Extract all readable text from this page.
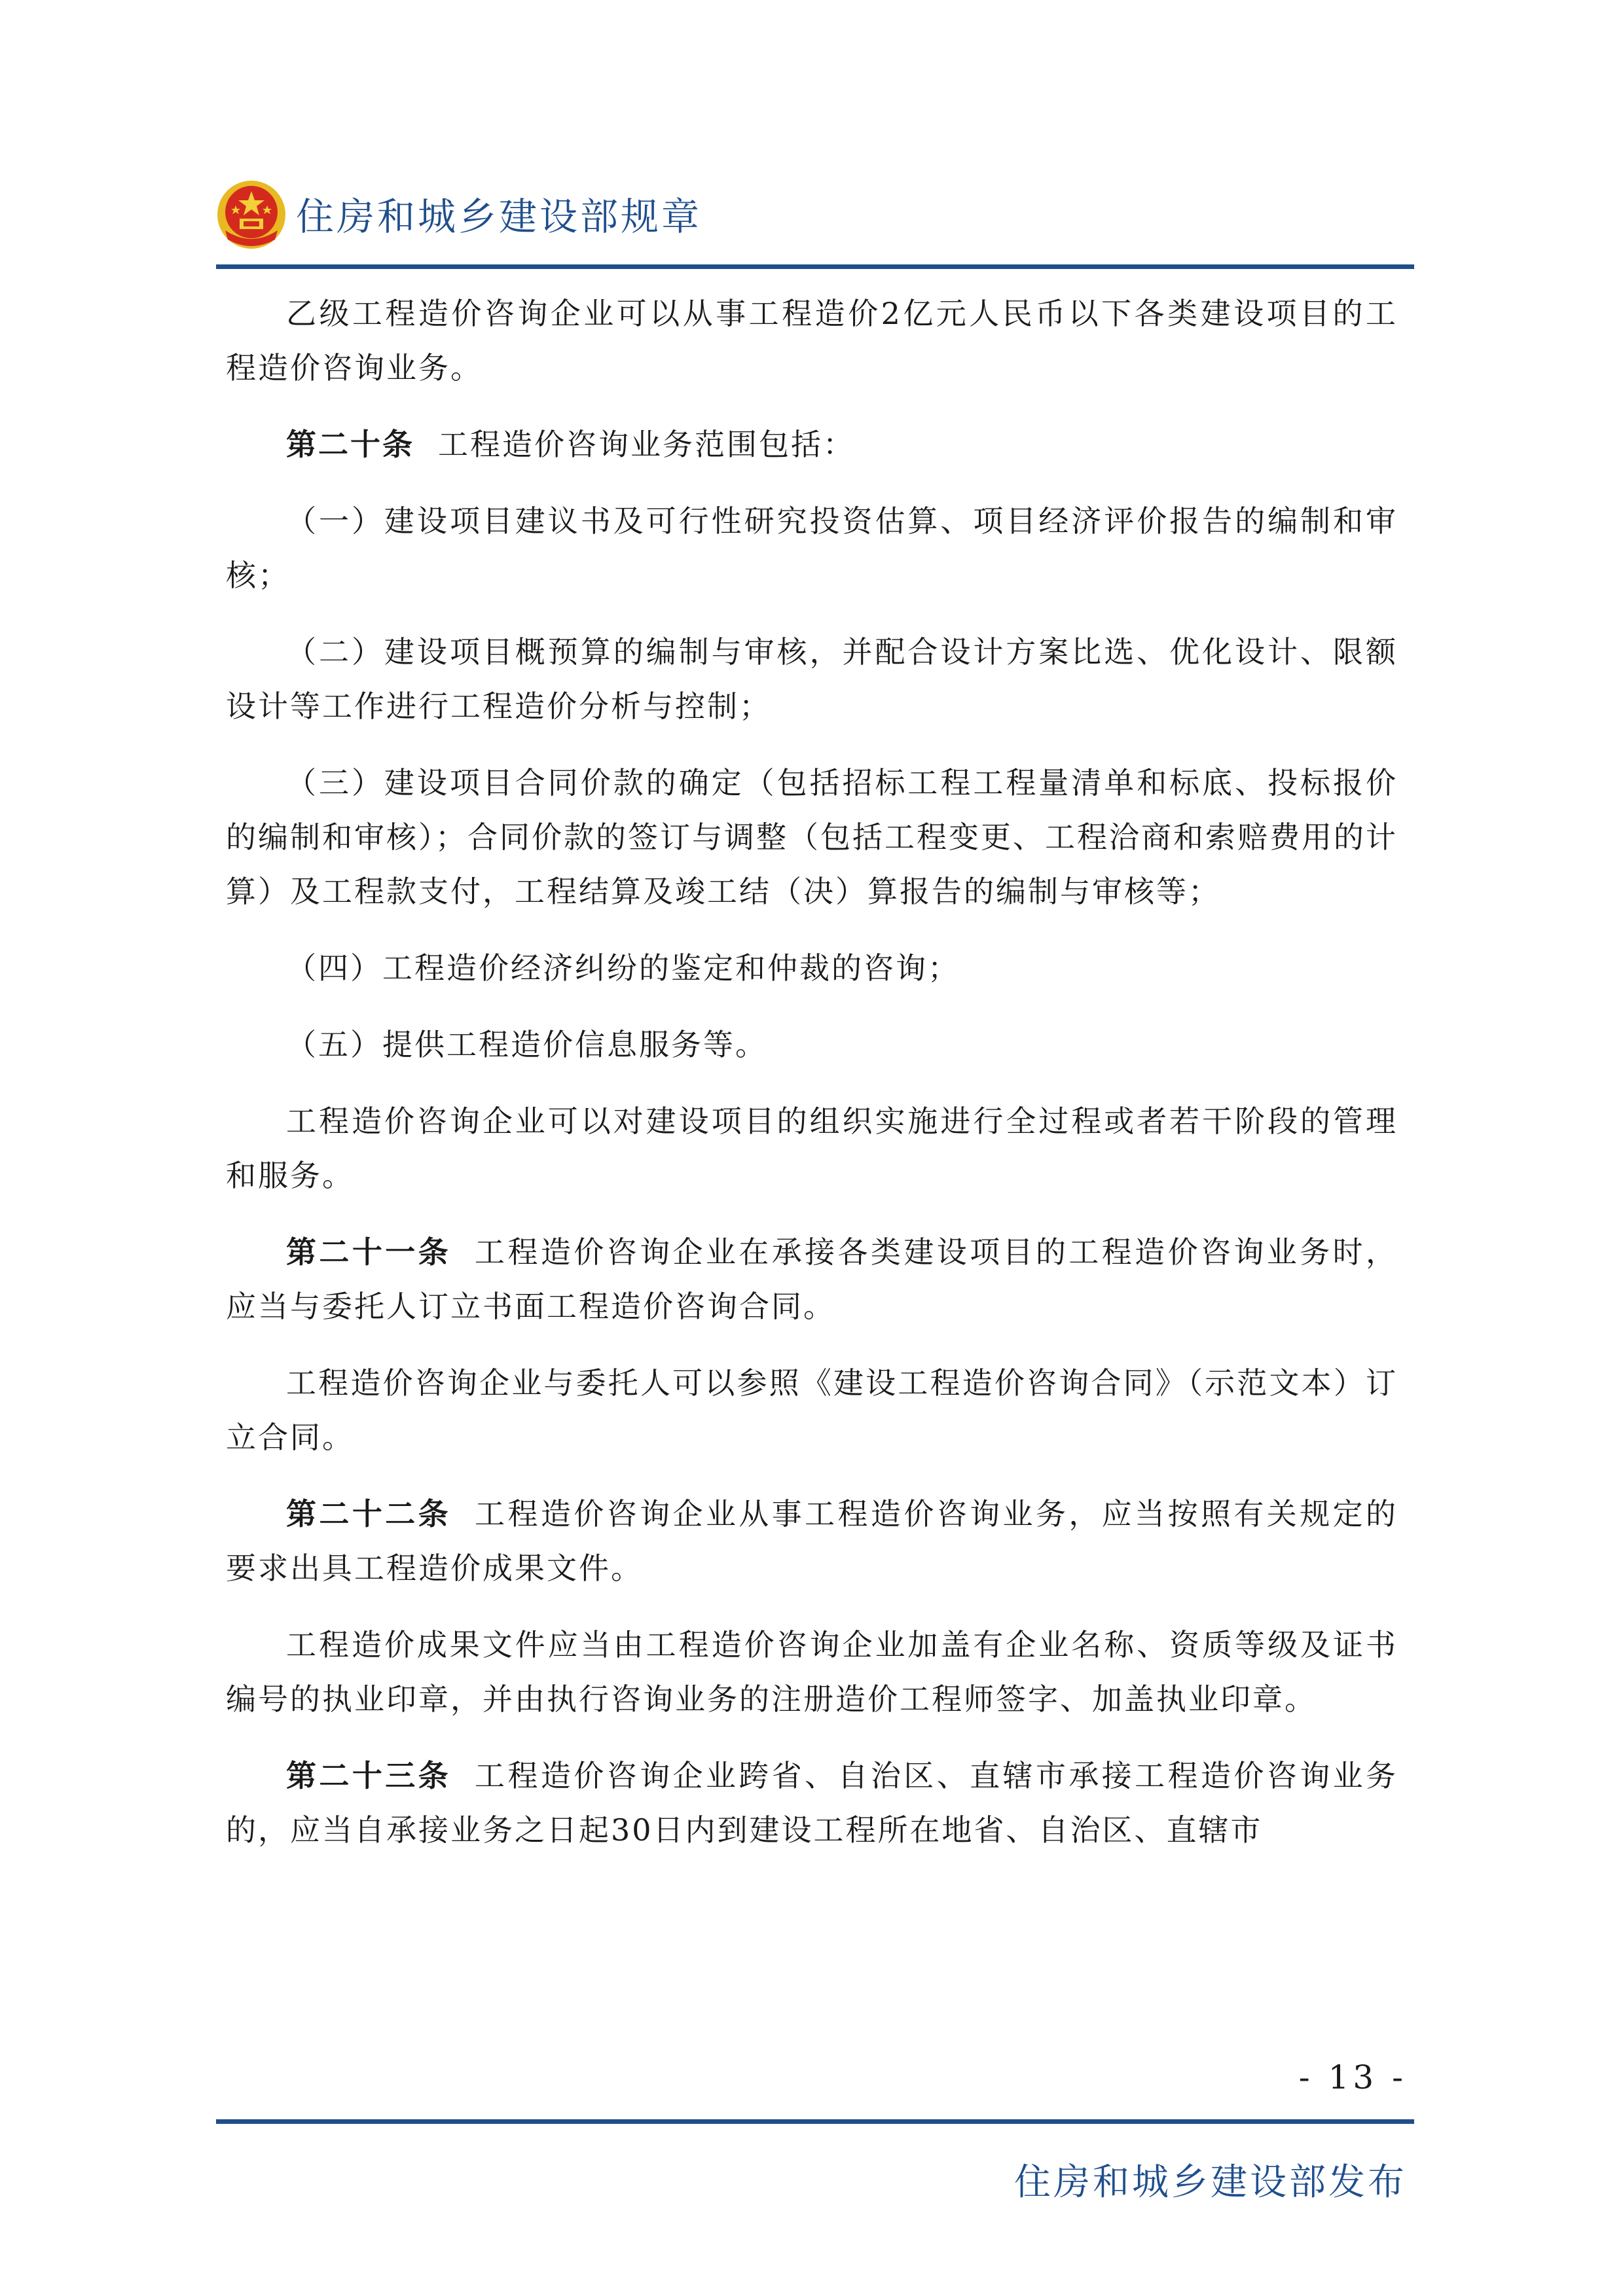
住房和城乡建设部规章

乙级工程造价咨询企业可以从事工程造价2亿元人民币以下各类建设项目的工程造价咨询业务。

第二十条 工程造价咨询业务范围包括：

（一）建设项目建议书及可行性研究投资估算、项目经济评价报告的编制和审核；

（二）建设项目概预算的编制与审核，并配合设计方案比选、优化设计、限额设计等工作进行工程造价分析与控制；

（三）建设项目合同价款的确定（包括招标工程工程量清单和标底、投标报价的编制和审核）；合同价款的签订与调整（包括工程变更、工程洽商和索赔费用的计算）及工程款支付，工程结算及竣工结（决）算报告的编制与审核等；

（四）工程造价经济纠纷的鉴定和仲裁的咨询；

（五）提供工程造价信息服务等。

工程造价咨询企业可以对建设项目的组织实施进行全过程或者若干阶段的管理和服务。

第二十一条 工程造价咨询企业在承接各类建设项目的工程造价咨询业务时，应当与委托人订立书面工程造价咨询合同。

工程造价咨询企业与委托人可以参照《建设工程造价咨询合同》（示范文本）订立合同。

第二十二条 工程造价咨询企业从事工程造价咨询业务，应当按照有关规定的要求出具工程造价成果文件。

工程造价成果文件应当由工程造价咨询企业加盖有企业名称、资质等级及证书编号的执业印章，并由执行咨询业务的注册造价工程师签字、加盖执业印章。

第二十三条 工程造价咨询企业跨省、自治区、直辖市承接工程造价咨询业务的，应当自承接业务之日起30日内到建设工程所在地省、自治区、直辖市

- 13 -
住房和城乡建设部发布
